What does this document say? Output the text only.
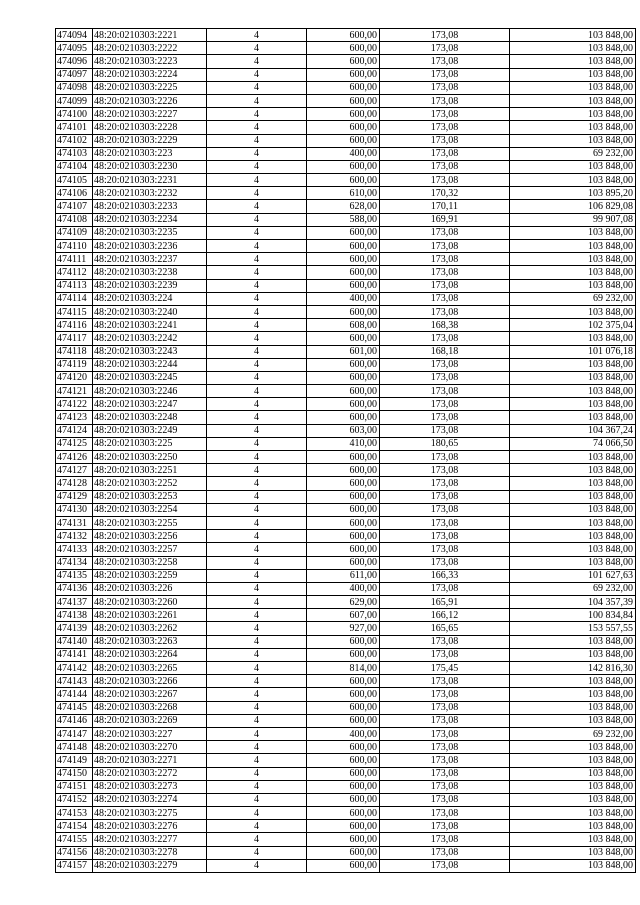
474094	48:20:0210303:2221	4	600,00	173,08	103 848,00
474095	48:20:0210303:2222	4	600,00	173,08	103 848,00
474096	48:20:0210303:2223	4	600,00	173,08	103 848,00
474097	48:20:0210303:2224	4	600,00	173,08	103 848,00
474098	48:20:0210303:2225	4	600,00	173,08	103 848,00
474099	48:20:0210303:2226	4	600,00	173,08	103 848,00
474100	48:20:0210303:2227	4	600,00	173,08	103 848,00
474101	48:20:0210303:2228	4	600,00	173,08	103 848,00
474102	48:20:0210303:2229	4	600,00	173,08	103 848,00
474103	48:20:0210303:223	4	400,00	173,08	69 232,00
474104	48:20:0210303:2230	4	600,00	173,08	103 848,00
474105	48:20:0210303:2231	4	600,00	173,08	103 848,00
474106	48:20:0210303:2232	4	610,00	170,32	103 895,20
474107	48:20:0210303:2233	4	628,00	170,11	106 829,08
474108	48:20:0210303:2234	4	588,00	169,91	99 907,08
474109	48:20:0210303:2235	4	600,00	173,08	103 848,00
474110	48:20:0210303:2236	4	600,00	173,08	103 848,00
474111	48:20:0210303:2237	4	600,00	173,08	103 848,00
474112	48:20:0210303:2238	4	600,00	173,08	103 848,00
474113	48:20:0210303:2239	4	600,00	173,08	103 848,00
474114	48:20:0210303:224	4	400,00	173,08	69 232,00
474115	48:20:0210303:2240	4	600,00	173,08	103 848,00
474116	48:20:0210303:2241	4	608,00	168,38	102 375,04
474117	48:20:0210303:2242	4	600,00	173,08	103 848,00
474118	48:20:0210303:2243	4	601,00	168,18	101 076,18
474119	48:20:0210303:2244	4	600,00	173,08	103 848,00
474120	48:20:0210303:2245	4	600,00	173,08	103 848,00
474121	48:20:0210303:2246	4	600,00	173,08	103 848,00
474122	48:20:0210303:2247	4	600,00	173,08	103 848,00
474123	48:20:0210303:2248	4	600,00	173,08	103 848,00
474124	48:20:0210303:2249	4	603,00	173,08	104 367,24
474125	48:20:0210303:225	4	410,00	180,65	74 066,50
474126	48:20:0210303:2250	4	600,00	173,08	103 848,00
474127	48:20:0210303:2251	4	600,00	173,08	103 848,00
474128	48:20:0210303:2252	4	600,00	173,08	103 848,00
474129	48:20:0210303:2253	4	600,00	173,08	103 848,00
474130	48:20:0210303:2254	4	600,00	173,08	103 848,00
474131	48:20:0210303:2255	4	600,00	173,08	103 848,00
474132	48:20:0210303:2256	4	600,00	173,08	103 848,00
474133	48:20:0210303:2257	4	600,00	173,08	103 848,00
474134	48:20:0210303:2258	4	600,00	173,08	103 848,00
474135	48:20:0210303:2259	4	611,00	166,33	101 627,63
474136	48:20:0210303:226	4	400,00	173,08	69 232,00
474137	48:20:0210303:2260	4	629,00	165,91	104 357,39
474138	48:20:0210303:2261	4	607,00	166,12	100 834,84
474139	48:20:0210303:2262	4	927,00	165,65	153 557,55
474140	48:20:0210303:2263	4	600,00	173,08	103 848,00
474141	48:20:0210303:2264	4	600,00	173,08	103 848,00
474142	48:20:0210303:2265	4	814,00	175,45	142 816,30
474143	48:20:0210303:2266	4	600,00	173,08	103 848,00
474144	48:20:0210303:2267	4	600,00	173,08	103 848,00
474145	48:20:0210303:2268	4	600,00	173,08	103 848,00
474146	48:20:0210303:2269	4	600,00	173,08	103 848,00
474147	48:20:0210303:227	4	400,00	173,08	69 232,00
474148	48:20:0210303:2270	4	600,00	173,08	103 848,00
474149	48:20:0210303:2271	4	600,00	173,08	103 848,00
474150	48:20:0210303:2272	4	600,00	173,08	103 848,00
474151	48:20:0210303:2273	4	600,00	173,08	103 848,00
474152	48:20:0210303:2274	4	600,00	173,08	103 848,00
474153	48:20:0210303:2275	4	600,00	173,08	103 848,00
474154	48:20:0210303:2276	4	600,00	173,08	103 848,00
474155	48:20:0210303:2277	4	600,00	173,08	103 848,00
474156	48:20:0210303:2278	4	600,00	173,08	103 848,00
474157	48:20:0210303:2279	4	600,00	173,08	103 848,00
